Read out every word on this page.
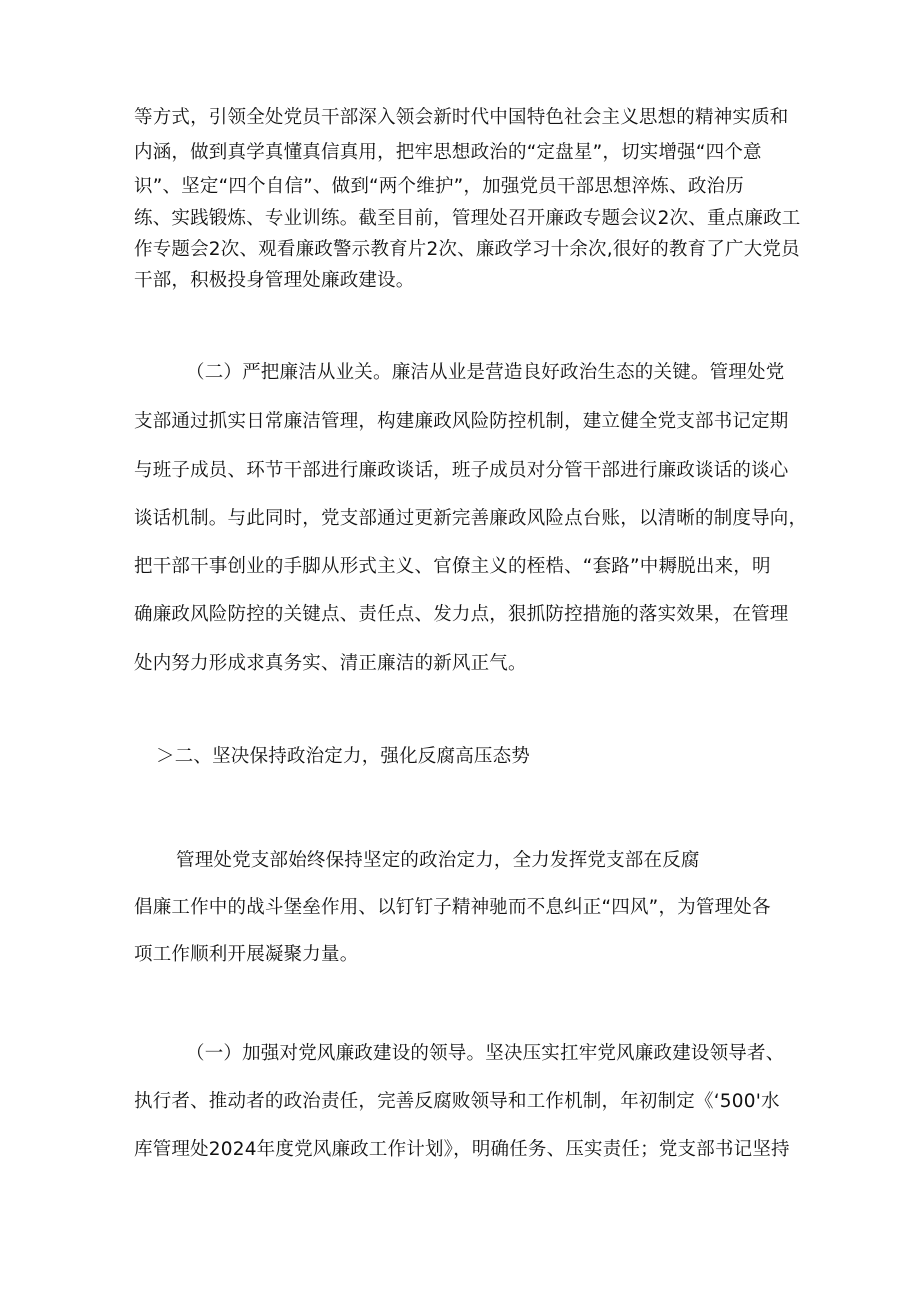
等方式，引领全处党员干部深入领会新时代中国特色社会主义思想的精神实质和
内涵，做到真学真懂真信真用，把牢思想政治的“定盘星”，切实增强“四个意
识”、坚定“四个自信”、做到“两个维护”，加强党员干部思想淬炼、政治历
练、实践锻炼、专业训练。截至目前，管理处召开廉政专题会议2次、重点廉政工
作专题会2次、观看廉政警示教育片2次、廉政学习十余次,很好的教育了广大党员
干部，积极投身管理处廉政建设。
（二）严把廉洁从业关。廉洁从业是营造良好政治生态的关键。管理处党
支部通过抓实日常廉洁管理，构建廉政风险防控机制，建立健全党支部书记定期
与班子成员、环节干部进行廉政谈话，班子成员对分管干部进行廉政谈话的谈心
谈话机制。与此同时，党支部通过更新完善廉政风险点台账，以清晰的制度导向，
把干部干事创业的手脚从形式主义、官僚主义的桎梏、“套路”中耨脱出来，明
确廉政风险防控的关键点、责任点、发力点，狠抓防控措施的落实效果，在管理
处内努力形成求真务实、清正廉洁的新风正气。
＞二、坚决保持政治定力，强化反腐高压态势
管理处党支部始终保持坚定的政治定力，全力发挥党支部在反腐
倡廉工作中的战斗堡垒作用、以钉钉子精神驰而不息纠正“四风”，为管理处各
项工作顺利开展凝聚力量。
（一）加强对党风廉政建设的领导。坚决压实扛牢党风廉政建设领导者、
执行者、推动者的政治责任，完善反腐败领导和工作机制，年初制定《‘500'水
库管理处2024年度党风廉政工作计划》，明确任务、压实责任；党支部书记坚持
